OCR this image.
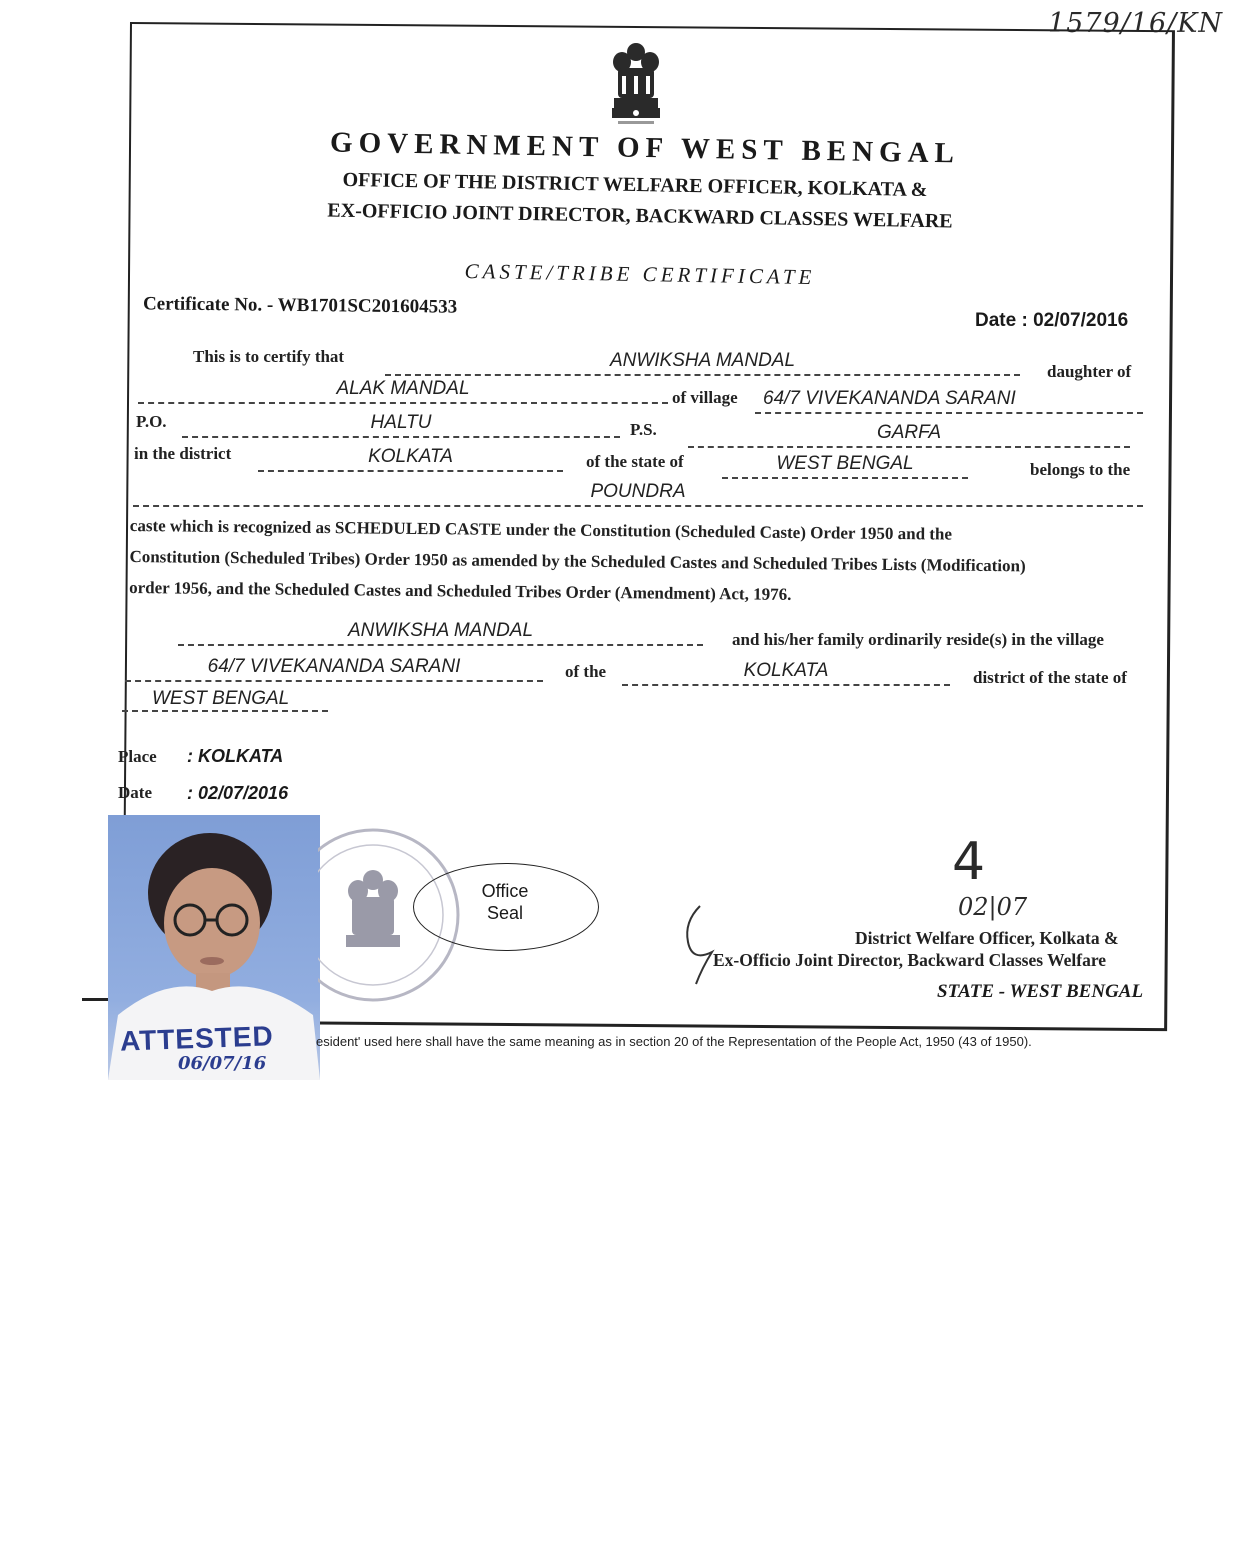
1579/16/KN
GOVERNMENT OF WEST BENGAL
OFFICE OF THE DISTRICT WELFARE OFFICER, KOLKATA &
EX-OFFICIO JOINT DIRECTOR, BACKWARD CLASSES WELFARE
CASTE/TRIBE CERTIFICATE
Certificate No. - WB1701SC201604533
Date : 02/07/2016
This is to certify that	ANWIKSHA MANDAL
daughter of
ALAK MANDAL	of village	64/7 VIVEKANANDA SARANI
P.O.	HALTU	P.S.	GARFA
in the district	KOLKATA	of the state of	WEST BENGAL	belongs to the
POUNDRA
caste which is recognized as SCHEDULED CASTE under the Constitution (Scheduled Caste) Order 1950 and the
Constitution (Scheduled Tribes) Order 1950 as amended by the Scheduled Castes and Scheduled Tribes Lists (Modification)
order 1956, and the Scheduled Castes and Scheduled Tribes Order (Amendment) Act, 1976.
ANWIKSHA MANDAL	and his/her family ordinarily reside(s) in the village
64/7 VIVEKANANDA SARANI	of the	KOLKATA	district of the state of
WEST BENGAL
Place : KOLKATA
Date : 02/07/2016
ATTESTED
06/07/16
Office
Seal
4
02|07
District Welfare Officer, Kolkata &
Ex-Officio Joint Director, Backward Classes Welfare
STATE - WEST BENGAL
esident' used here shall have the same meaning as in section 20 of the Representation of the People Act, 1950 (43 of 1950).
